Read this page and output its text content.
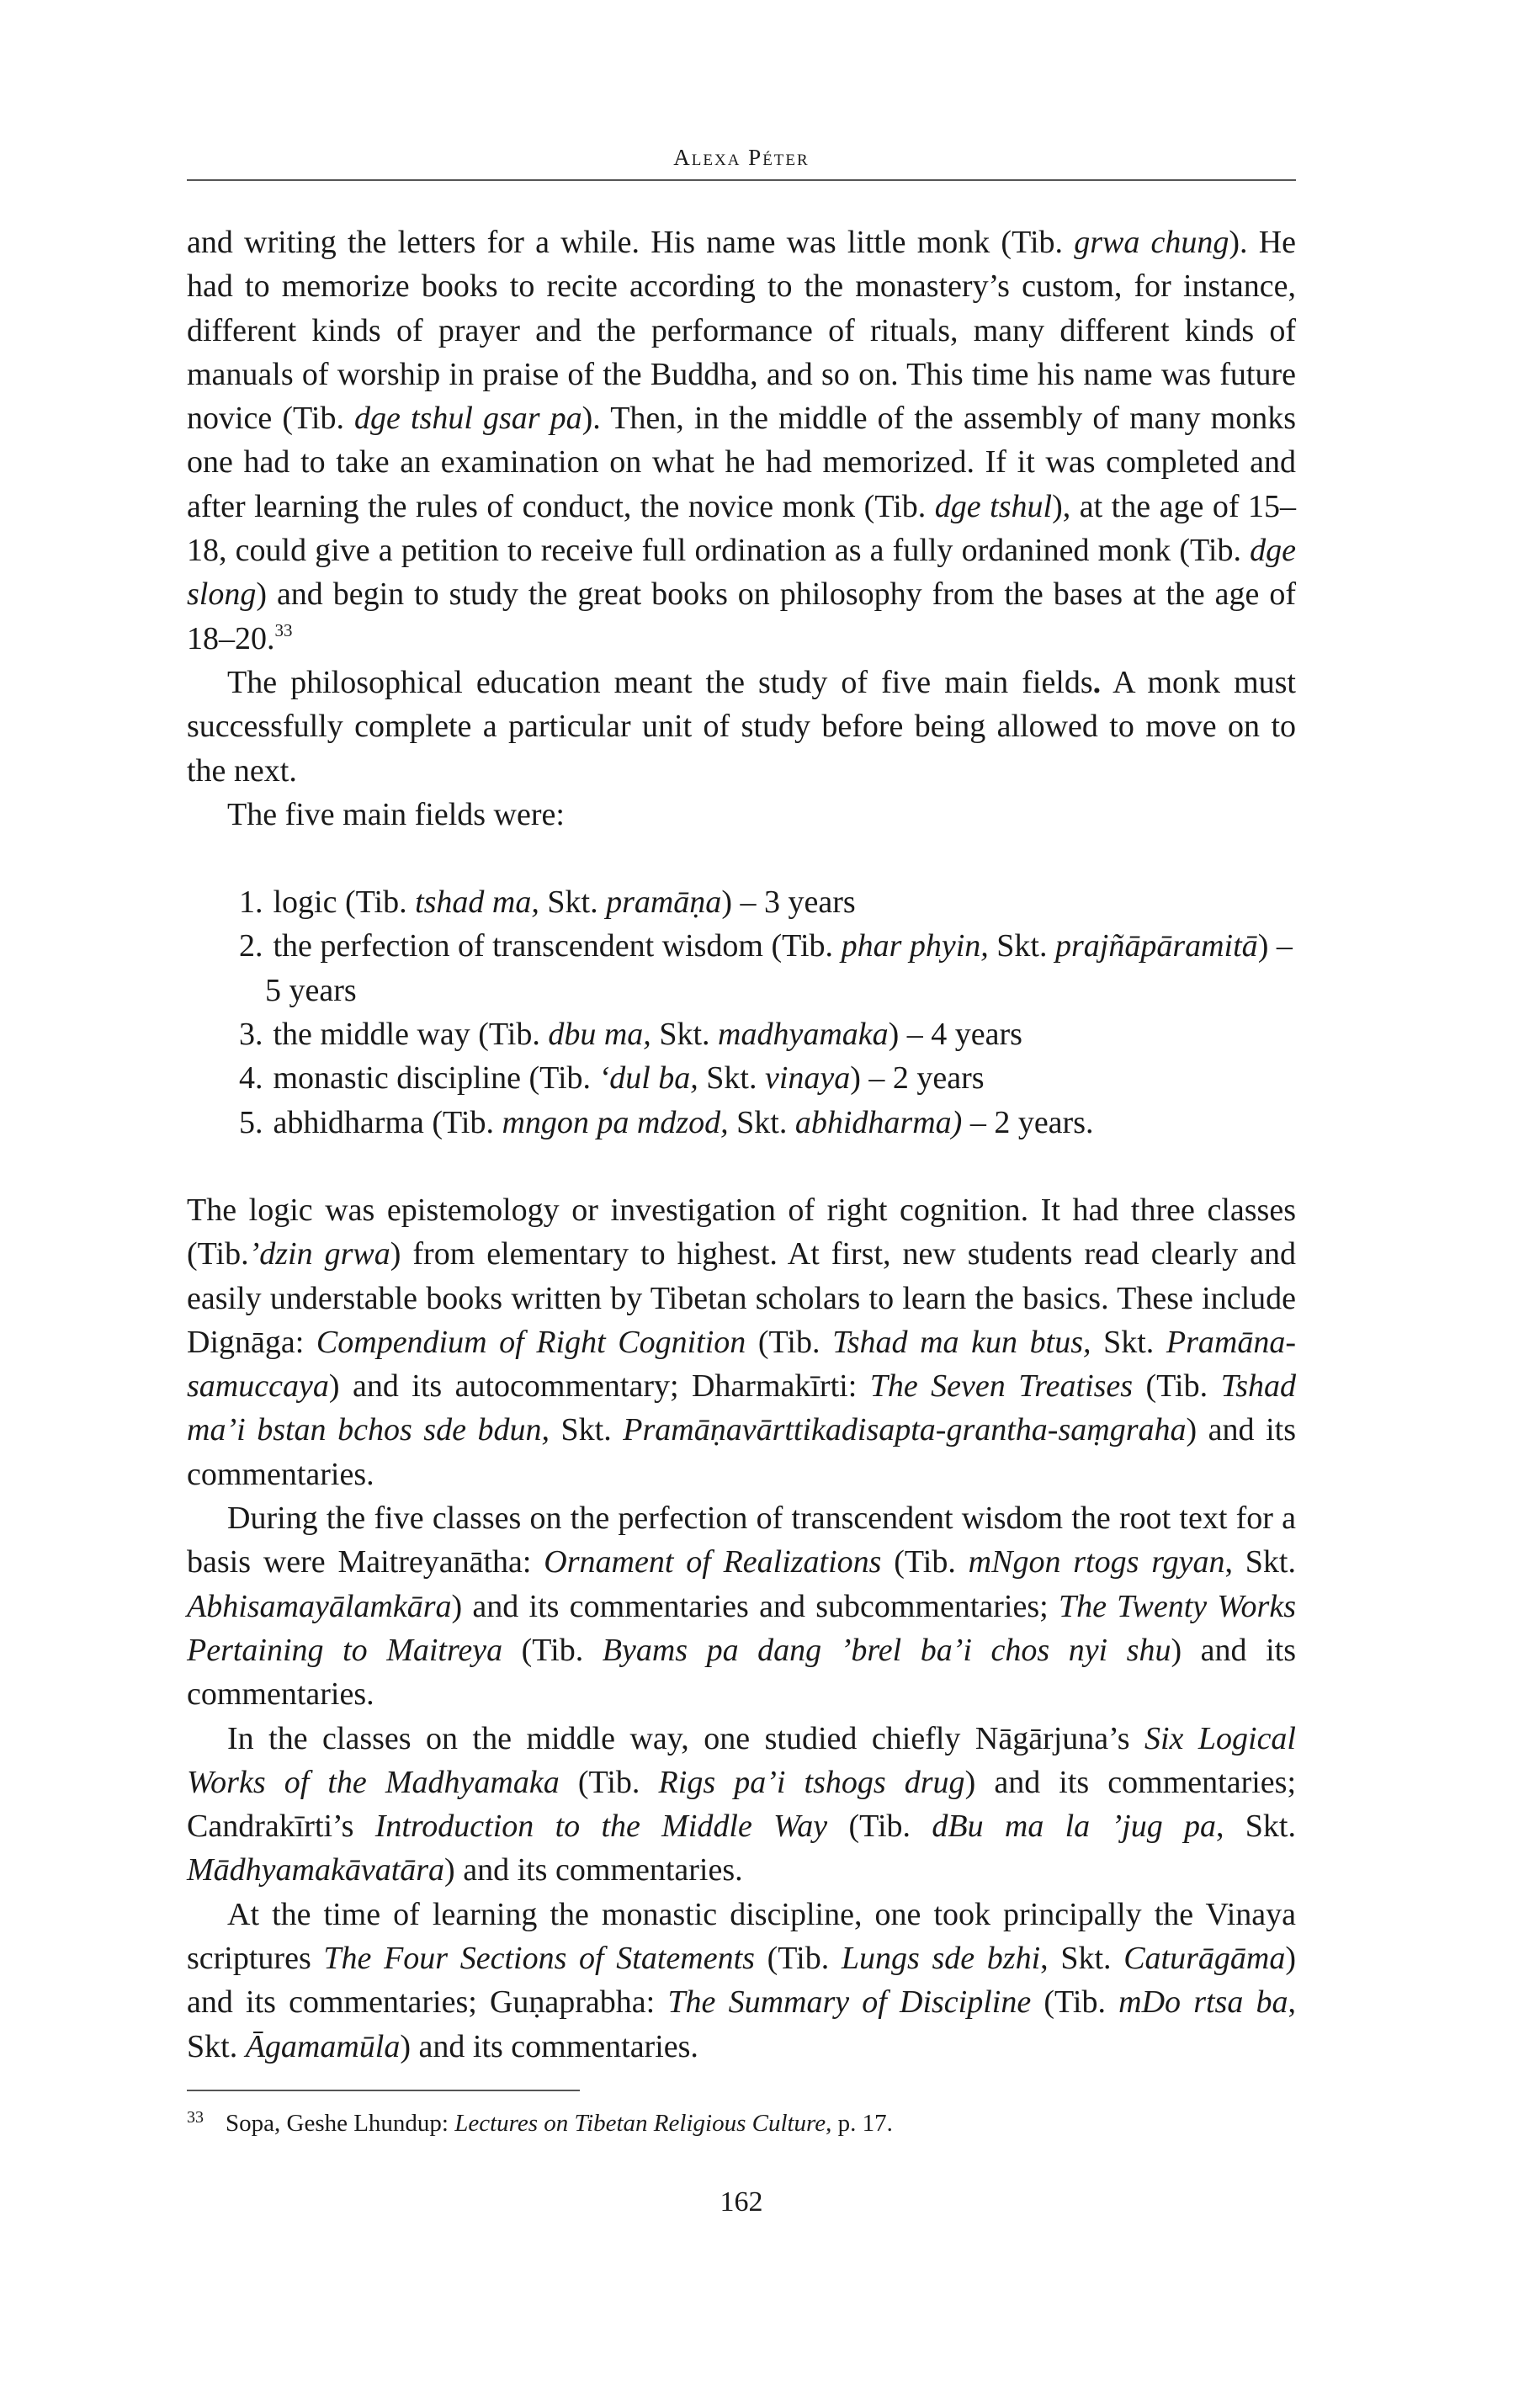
Alexa Péter

and writing the letters for a while. His name was little monk (Tib. grwa chung). He had to memorize books to recite according to the monastery’s custom, for instance, different kinds of prayer and the performance of rituals, many different kinds of manuals of worship in praise of the Buddha, and so on. This time his name was future novice (Tib. dge tshul gsar pa). Then, in the middle of the assembly of many monks one had to take an examination on what he had memorized. If it was completed and after learning the rules of conduct, the novice monk (Tib. dge tshul), at the age of 15–18, could give a petition to receive full ordination as a fully ordanined monk (Tib. dge slong) and begin to study the great books on philosophy from the bases at the age of 18–20.33

The philosophical education meant the study of five main fields. A monk must successfully complete a particular unit of study before being allowed to move on to the next.

The five main fields were:

1. logic (Tib. tshad ma, Skt. pramāṇa) – 3 years
2. the perfection of transcendent wisdom (Tib. phar phyin, Skt. prajñāpāramitā) – 5 years
3. the middle way (Tib. dbu ma, Skt. madhyamaka) – 4 years
4. monastic discipline (Tib. ‘dul ba, Skt. vinaya) – 2 years
5. abhidharma (Tib. mngon pa mdzod, Skt. abhidharma) – 2 years.

The logic was epistemology or investigation of right cognition. It had three classes (Tib.’dzin grwa) from elementary to highest. At first, new students read clearly and easily understable books written by Tibetan scholars to learn the basics. These include Dignāga: Compendium of Right Cognition (Tib. Tshad ma kun btus, Skt. Pramāna-samuccaya) and its autocommentary; Dharmakīrti: The Seven Treatises (Tib. Tshad ma’i bstan bchos sde bdun, Skt. Pramāṇavārttikadisapta-grantha-saṃgraha) and its commentaries.

During the five classes on the perfection of transcendent wisdom the root text for a basis were Maitreyanātha: Ornament of Realizations (Tib. mNgon rtogs rgyan, Skt. Abhisamayālamkāra) and its commentaries and subcommentaries; The Twenty Works Pertaining to Maitreya (Tib. Byams pa dang ’brel ba’i chos nyi shu) and its commentaries.

In the classes on the middle way, one studied chiefly Nāgārjuna’s Six Logical Works of the Madhyamaka (Tib. Rigs pa’i tshogs drug) and its commentaries; Candrakīrti’s Introduction to the Middle Way (Tib. dBu ma la ’jug pa, Skt. Mādhyamakāvatāra) and its commentaries.

At the time of learning the monastic discipline, one took principally the Vinaya scriptures The Four Sections of Statements (Tib. Lungs sde bzhi, Skt. Caturāgāma) and its commentaries; Guṇaprabha: The Summary of Discipline (Tib. mDo rtsa ba, Skt. Āgamamūla) and its commentaries.

33 Sopa, Geshe Lhundup: Lectures on Tibetan Religious Culture, p. 17.
162
